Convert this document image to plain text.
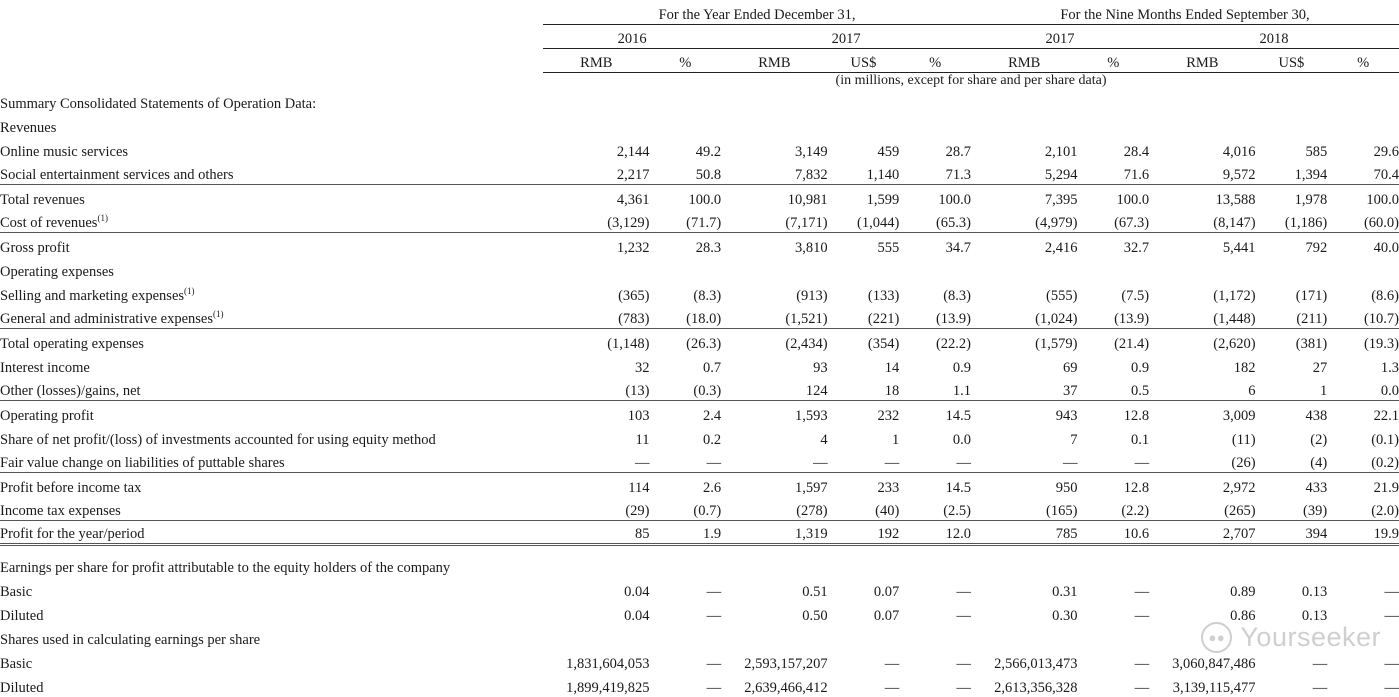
	For the Year Ended December 31,					For the Nine Months Ended September 30,				
	2016		2017			2017		2018		
	RMB	%	RMB	US$	%	RMB	%	RMB	US$	%
	(in millions, except for share and per share data)									
Summary Consolidated Statements of Operation Data:										
Revenues										
Online music services	2,144	49.2	3,149	459	28.7	2,101	28.4	4,016	585	29.6
Social entertainment services and others	2,217	50.8	7,832	1,140	71.3	5,294	71.6	9,572	1,394	70.4
Total revenues	4,361	100.0	10,981	1,599	100.0	7,395	100.0	13,588	1,978	100.0
Cost of revenues$^{(1)}$	(3,129)	(71.7)	(7,171)	(1,044)	(65.3)	(4,979)	(67.3)	(8,147)	(1,186)	(60.0)
Gross profit	1,232	28.3	3,810	555	34.7	2,416	32.7	5,441	792	40.0
Operating expenses										
Selling and marketing expenses$^{(1)}$	(365)	(8.3)	(913)	(133)	(8.3)	(555)	(7.5)	(1,172)	(171)	(8.6)
General and administrative expenses$^{(1)}$	(783)	(18.0)	(1,521)	(221)	(13.9)	(1,024)	(13.9)	(1,448)	(211)	(10.7)
Total operating expenses	(1,148)	(26.3)	(2,434)	(354)	(22.2)	(1,579)	(21.4)	(2,620)	(381)	(19.3)
Interest income	32	0.7	93	14	0.9	69	0.9	182	27	1.3
Other (losses)/gains, net	(13)	(0.3)	124	18	1.1	37	0.5	6	1	0.0
Operating profit	103	2.4	1,593	232	14.5	943	12.8	3,009	438	22.1
Share of net profit/(loss) of investments accounted for using equity method	11	0.2	4	1	0.0	7	0.1	(11)	(2)	(0.1)
Fair value change on liabilities of puttable shares	—	—	—	—	—	—	—	(26)	(4)	(0.2)
Profit before income tax	114	2.6	1,597	233	14.5	950	12.8	2,972	433	21.9
Income tax expenses	(29)	(0.7)	(278)	(40)	(2.5)	(165)	(2.2)	(265)	(39)	(2.0)
Profit for the year/period	85	1.9	1,319	192	12.0	785	10.6	2,707	394	19.9

Earnings per share for profit attributable to the equity holders of the company										
Basic	0.04	—	0.51	0.07	—	0.31	—	0.89	0.13	—
Diluted	0.04	—	0.50	0.07	—	0.30	—	0.86	0.13	—
Shares used in calculating earnings per share										
Basic	1,831,604,053	—	2,593,157,207	—	—	2,566,013,473	—	3,060,847,486	—	—
Diluted	1,899,419,825	—	2,639,466,412	—	—	2,613,356,328	—	3,139,115,477	—	—
●● Yourseeker
